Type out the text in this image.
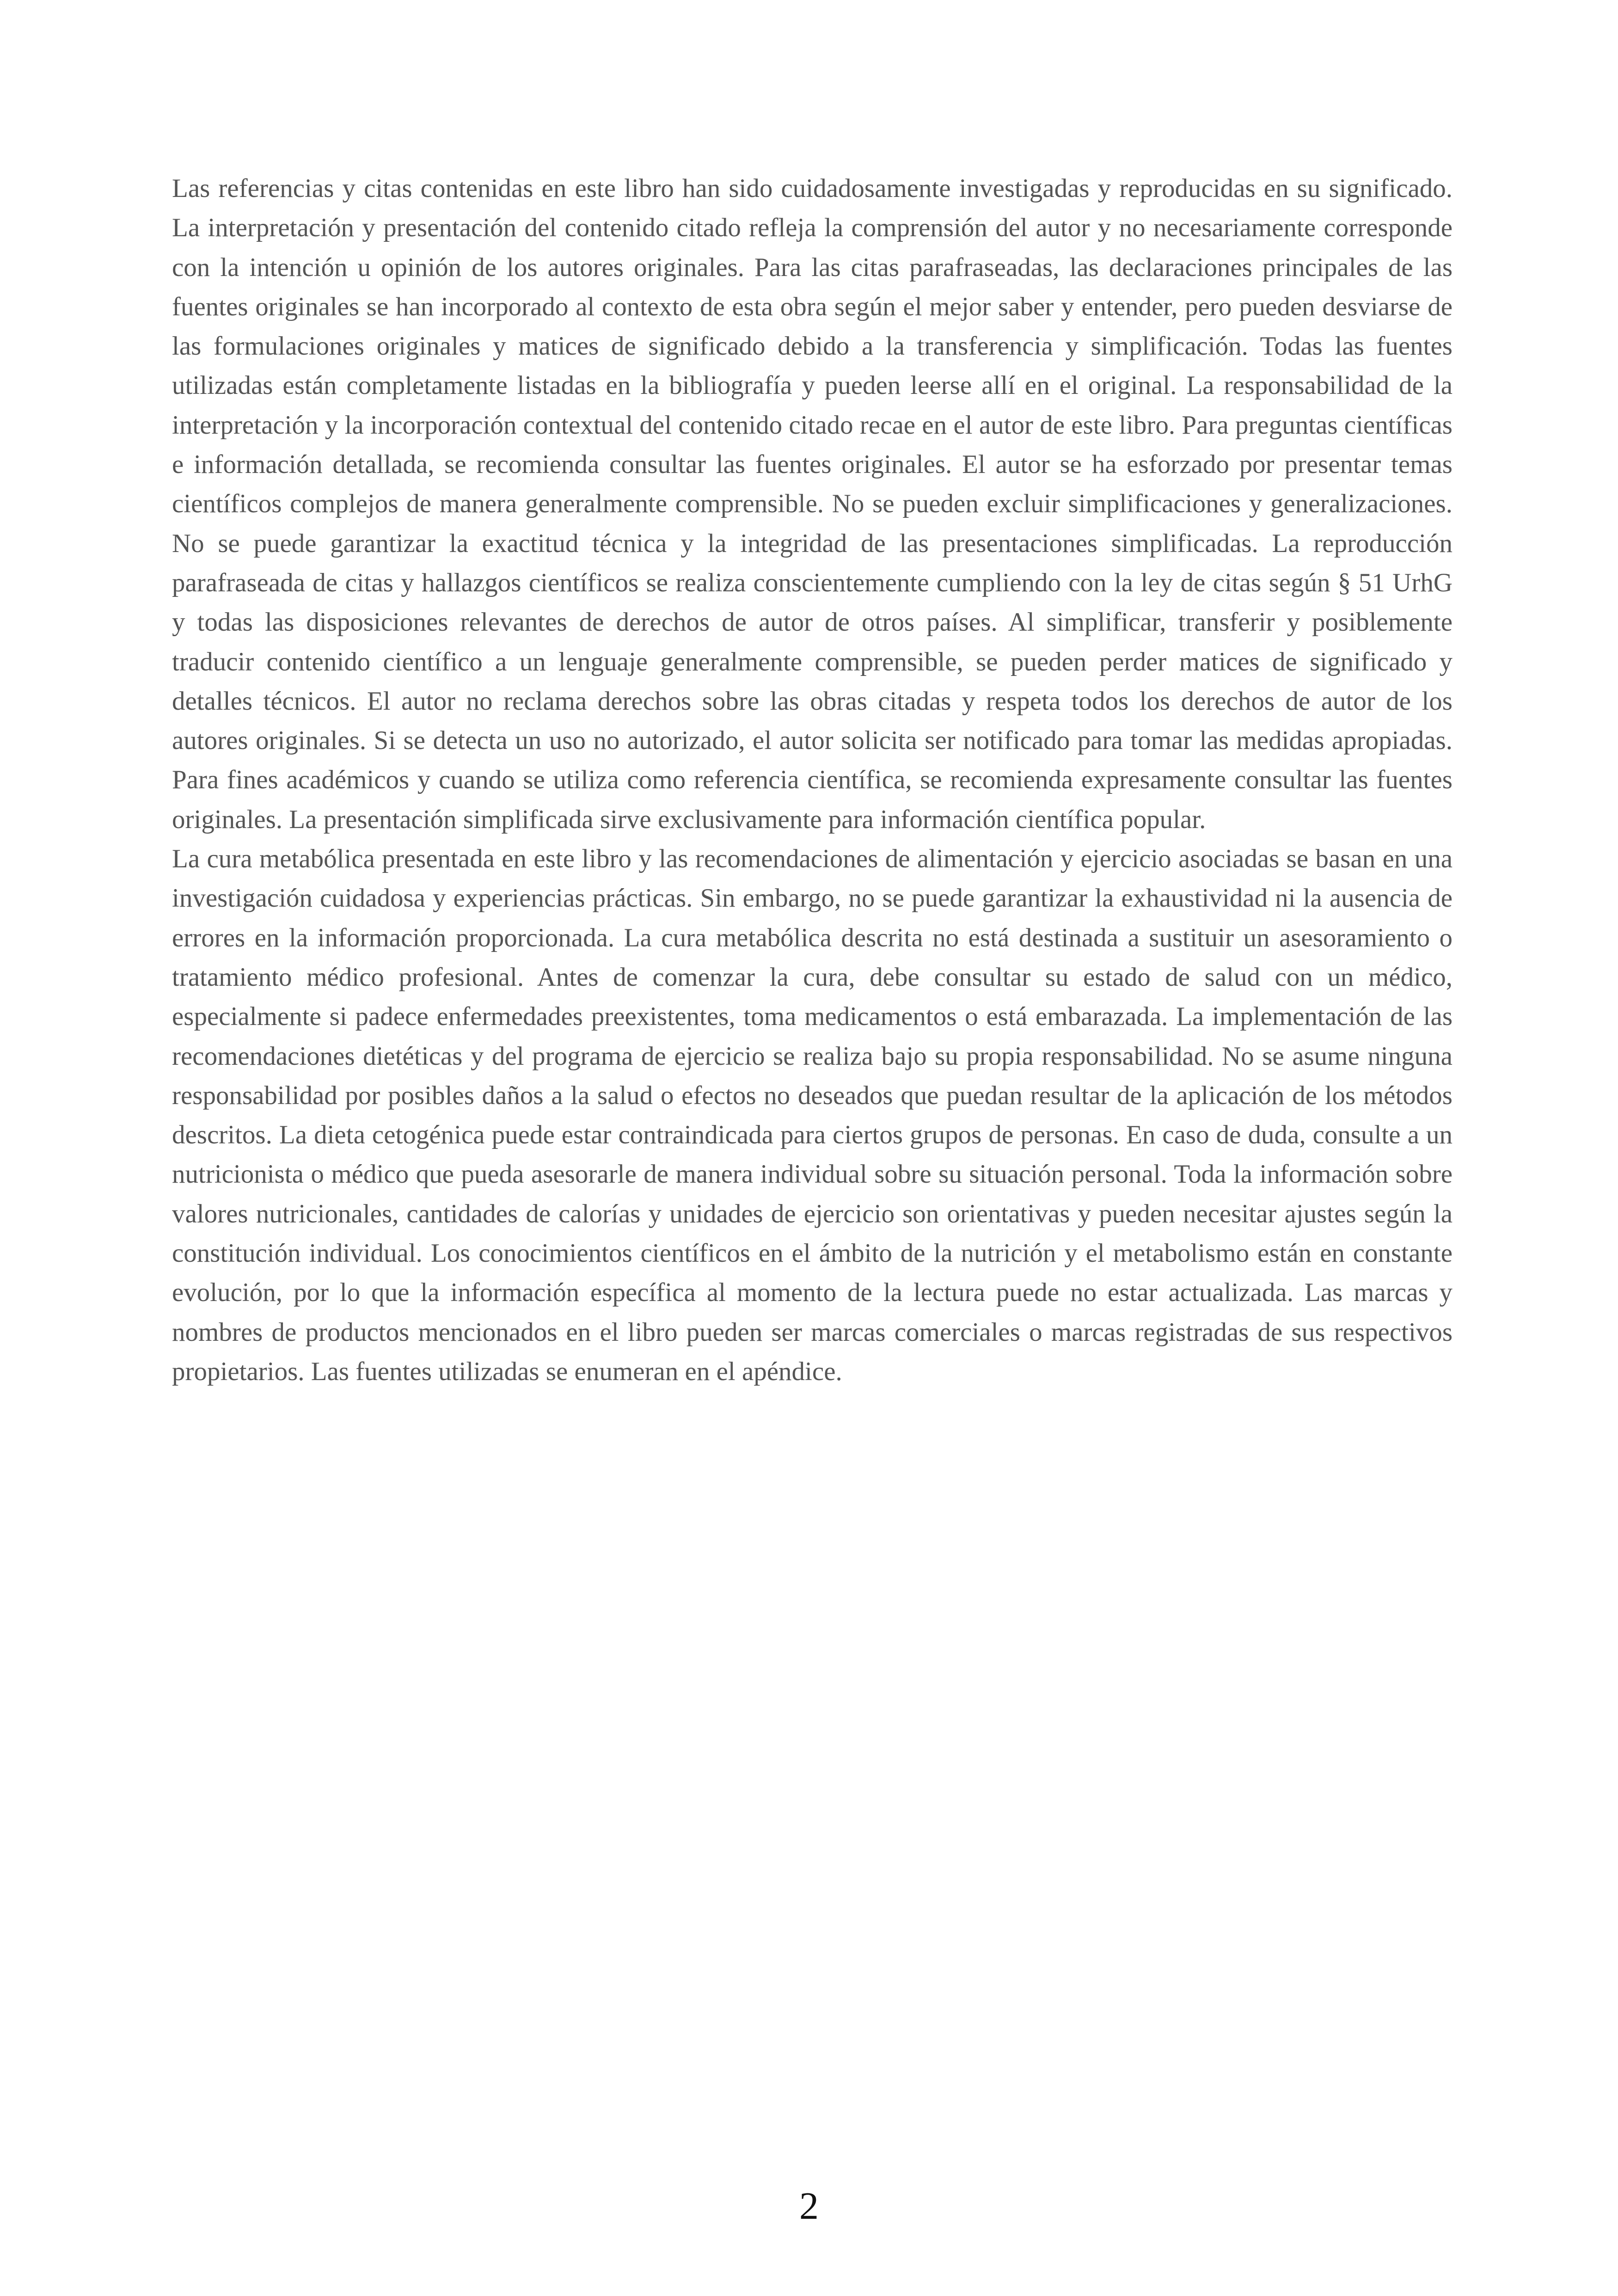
Las referencias y citas contenidas en este libro han sido cuidadosamente investigadas y reproducidas en su significado. La interpretación y presentación del contenido citado refleja la comprensión del autor y no necesariamente corresponde con la intención u opinión de los autores originales. Para las citas parafraseadas, las declaraciones principales de las fuentes originales se han incorporado al contexto de esta obra según el mejor saber y entender, pero pueden desviarse de las formulaciones originales y matices de significado debido a la transferencia y simplificación. Todas las fuentes utilizadas están completamente listadas en la bibliografía y pueden leerse allí en el original. La responsabilidad de la interpretación y la incorporación contextual del contenido citado recae en el autor de este libro. Para preguntas científicas e información detallada, se recomienda consultar las fuentes originales. El autor se ha esforzado por presentar temas científicos complejos de manera generalmente comprensible. No se pueden excluir simplificaciones y generalizaciones. No se puede garantizar la exactitud técnica y la integridad de las presentaciones simplificadas. La reproducción parafraseada de citas y hallazgos científicos se realiza conscientemente cumpliendo con la ley de citas según § 51 UrhG y todas las disposiciones relevantes de derechos de autor de otros países. Al simplificar, transferir y posiblemente traducir contenido científico a un lenguaje generalmente comprensible, se pueden perder matices de significado y detalles técnicos. El autor no reclama derechos sobre las obras citadas y respeta todos los derechos de autor de los autores originales. Si se detecta un uso no autorizado, el autor solicita ser notificado para tomar las medidas apropiadas. Para fines académicos y cuando se utiliza como referencia científica, se recomienda expresamente consultar las fuentes originales. La presentación simplificada sirve exclusivamente para información científica popular.

La cura metabólica presentada en este libro y las recomendaciones de alimentación y ejercicio asociadas se basan en una investigación cuidadosa y experiencias prácticas. Sin embargo, no se puede garantizar la exhaustividad ni la ausencia de errores en la información proporcionada. La cura metabólica descrita no está destinada a sustituir un asesoramiento o tratamiento médico profesional. Antes de comenzar la cura, debe consultar su estado de salud con un médico, especialmente si padece enfermedades preexistentes, toma medicamentos o está embarazada. La implementación de las recomendaciones dietéticas y del programa de ejercicio se realiza bajo su propia responsabilidad. No se asume ninguna responsabilidad por posibles daños a la salud o efectos no deseados que puedan resultar de la aplicación de los métodos descritos. La dieta cetogénica puede estar contraindicada para ciertos grupos de personas. En caso de duda, consulte a un nutricionista o médico que pueda asesorarle de manera individual sobre su situación personal. Toda la información sobre valores nutricionales, cantidades de calorías y unidades de ejercicio son orientativas y pueden necesitar ajustes según la constitución individual. Los conocimientos científicos en el ámbito de la nutrición y el metabolismo están en constante evolución, por lo que la información específica al momento de la lectura puede no estar actualizada. Las marcas y nombres de productos mencionados en el libro pueden ser marcas comerciales o marcas registradas de sus respectivos propietarios. Las fuentes utilizadas se enumeran en el apéndice.

2
